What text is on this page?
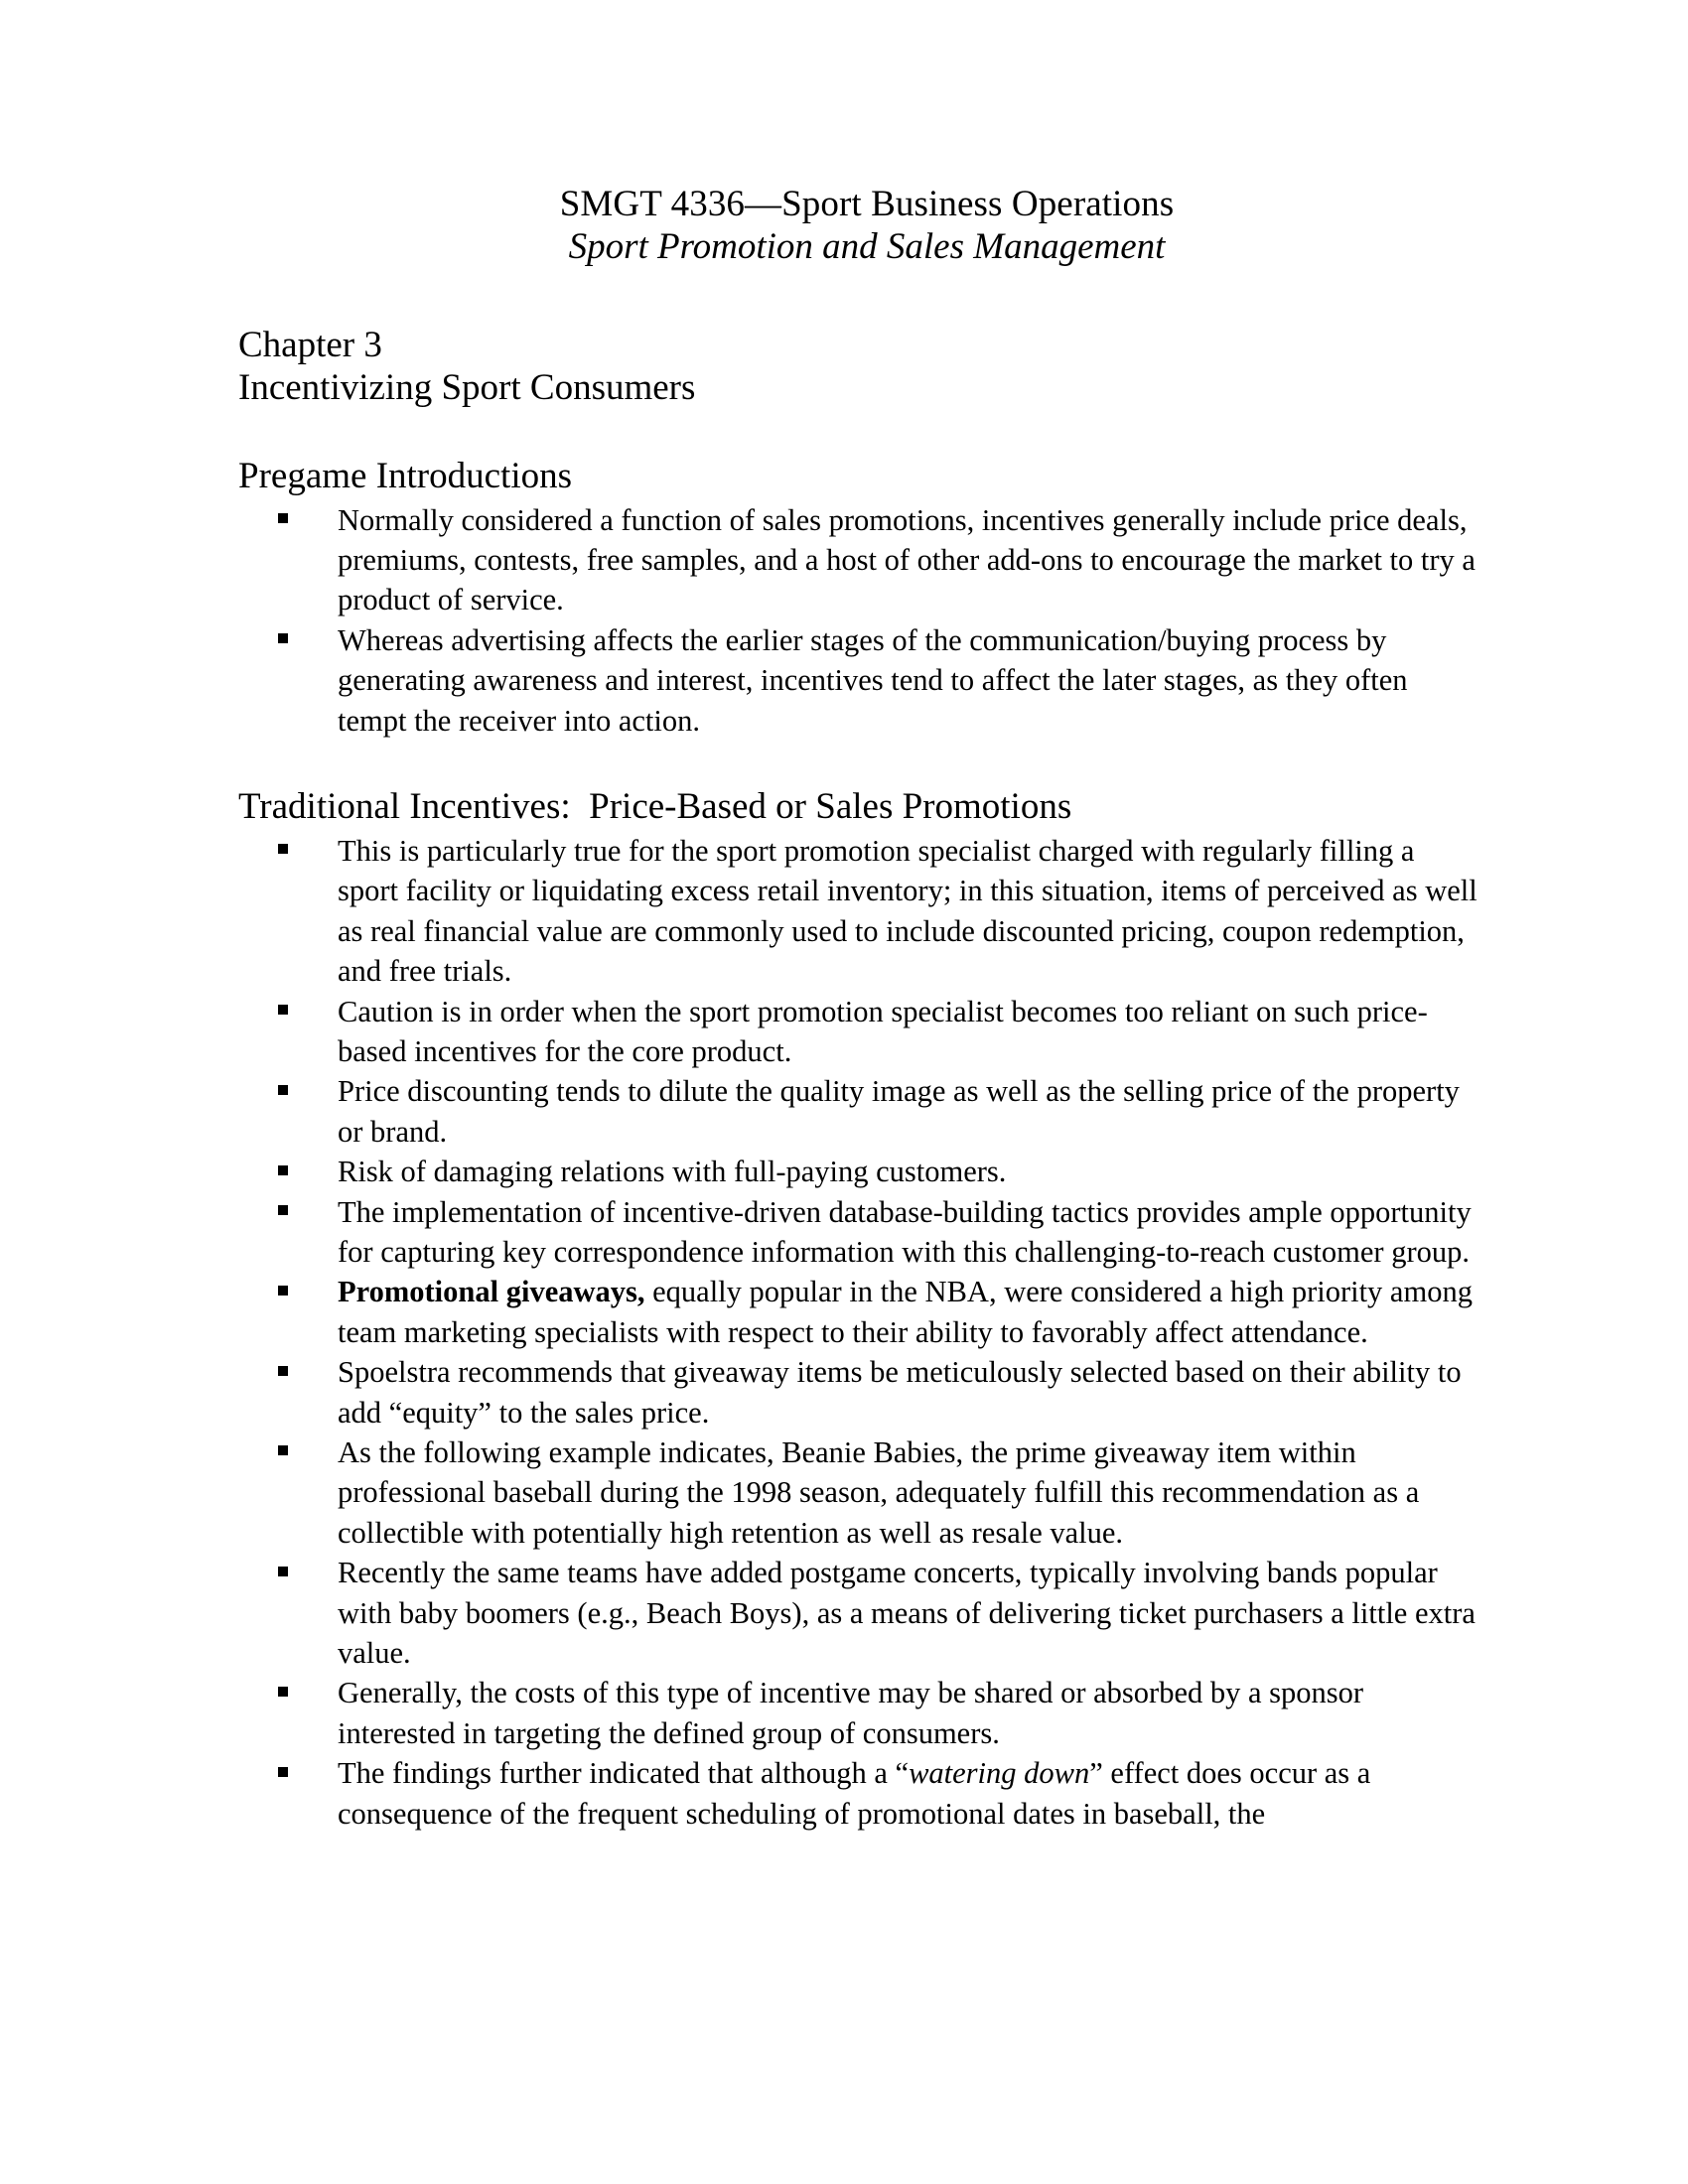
SMGT 4336—Sport Business Operations
Sport Promotion and Sales Management
Chapter 3
Incentivizing Sport Consumers
Pregame Introductions
Normally considered a function of sales promotions, incentives generally include price deals, premiums, contests, free samples, and a host of other add-ons to encourage the market to try a product of service.
Whereas advertising affects the earlier stages of the communication/buying process by generating awareness and interest, incentives tend to affect the later stages, as they often tempt the receiver into action.
Traditional Incentives:  Price-Based or Sales Promotions
This is particularly true for the sport promotion specialist charged with regularly filling a sport facility or liquidating excess retail inventory; in this situation, items of perceived as well as real financial value are commonly used to include discounted pricing, coupon redemption, and free trials.
Caution is in order when the sport promotion specialist becomes too reliant on such price-based incentives for the core product.
Price discounting tends to dilute the quality image as well as the selling price of the property or brand.
Risk of damaging relations with full-paying customers.
The implementation of incentive-driven database-building tactics provides ample opportunity for capturing key correspondence information with this challenging-to-reach customer group.
Promotional giveaways, equally popular in the NBA, were considered a high priority among team marketing specialists with respect to their ability to favorably affect attendance.
Spoelstra recommends that giveaway items be meticulously selected based on their ability to add “equity” to the sales price.
As the following example indicates, Beanie Babies, the prime giveaway item within professional baseball during the 1998 season, adequately fulfill this recommendation as a collectible with potentially high retention as well as resale value.
Recently the same teams have added postgame concerts, typically involving bands popular with baby boomers (e.g., Beach Boys), as a means of delivering ticket purchasers a little extra value.
Generally, the costs of this type of incentive may be shared or absorbed by a sponsor interested in targeting the defined group of consumers.
The findings further indicated that although a “watering down” effect does occur as a consequence of the frequent scheduling of promotional dates in baseball, the
